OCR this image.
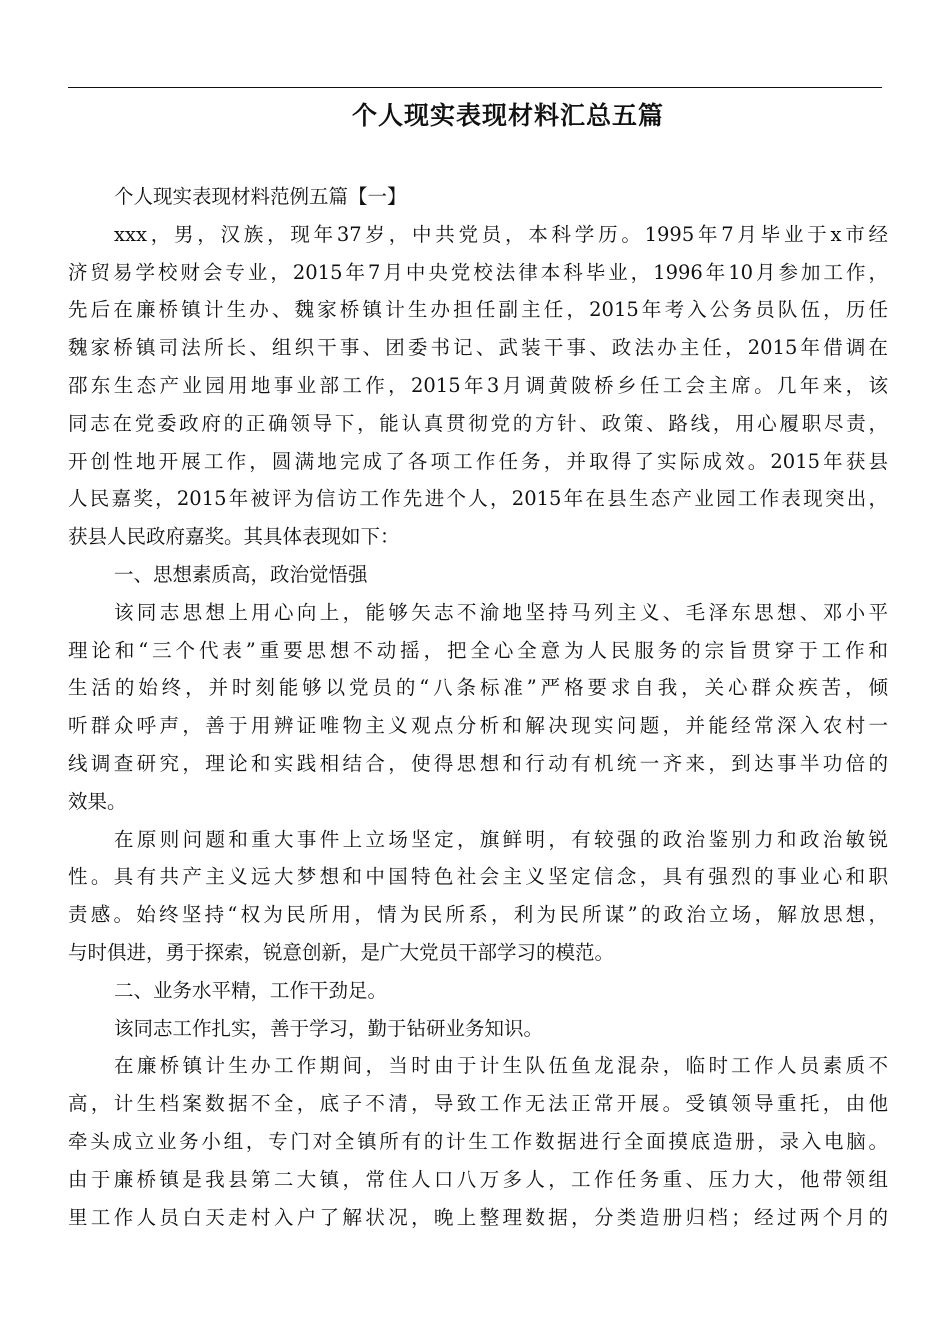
个人现实表现材料汇总五篇
个人现实表现材料范例五篇【一】
xxx，男，汉族，现年37岁，中共党员，本科学历。1995年7月毕业于x市经
济贸易学校财会专业，2015年7月中央党校法律本科毕业，1996年10月参加工作，
先后在廉桥镇计生办、魏家桥镇计生办担任副主任，2015年考入公务员队伍，历任
魏家桥镇司法所长、组织干事、团委书记、武装干事、政法办主任，2015年借调在
邵东生态产业园用地事业部工作，2015年3月调黄陂桥乡任工会主席。几年来，该
同志在党委政府的正确领导下，能认真贯彻党的方针、政策、路线，用心履职尽责，
开创性地开展工作，圆满地完成了各项工作任务，并取得了实际成效。2015年获县
人民嘉奖，2015年被评为信访工作先进个人，2015年在县生态产业园工作表现突出，
获县人民政府嘉奖。其具体表现如下：
一、思想素质高，政治觉悟强
该同志思想上用心向上，能够矢志不渝地坚持马列主义、毛泽东思想、邓小平
理论和“三个代表”重要思想不动摇，把全心全意为人民服务的宗旨贯穿于工作和
生活的始终，并时刻能够以党员的“八条标准”严格要求自我，关心群众疾苦，倾
听群众呼声，善于用辨证唯物主义观点分析和解决现实问题，并能经常深入农村一
线调查研究，理论和实践相结合，使得思想和行动有机统一齐来，到达事半功倍的
效果。
在原则问题和重大事件上立场坚定，旗鲜明，有较强的政治鉴别力和政治敏锐
性。具有共产主义远大梦想和中国特色社会主义坚定信念，具有强烈的事业心和职
责感。始终坚持“权为民所用，情为民所系，利为民所谋”的政治立场，解放思想，
与时俱进，勇于探索，锐意创新，是广大党员干部学习的模范。
二、业务水平精，工作干劲足。
该同志工作扎实，善于学习，勤于钻研业务知识。
在廉桥镇计生办工作期间，当时由于计生队伍鱼龙混杂，临时工作人员素质不
高，计生档案数据不全，底子不清，导致工作无法正常开展。受镇领导重托，由他
牵头成立业务小组，专门对全镇所有的计生工作数据进行全面摸底造册，录入电脑。
由于廉桥镇是我县第二大镇，常住人口八万多人，工作任务重、压力大，他带领组
里工作人员白天走村入户了解状况，晚上整理数据，分类造册归档；经过两个月的
